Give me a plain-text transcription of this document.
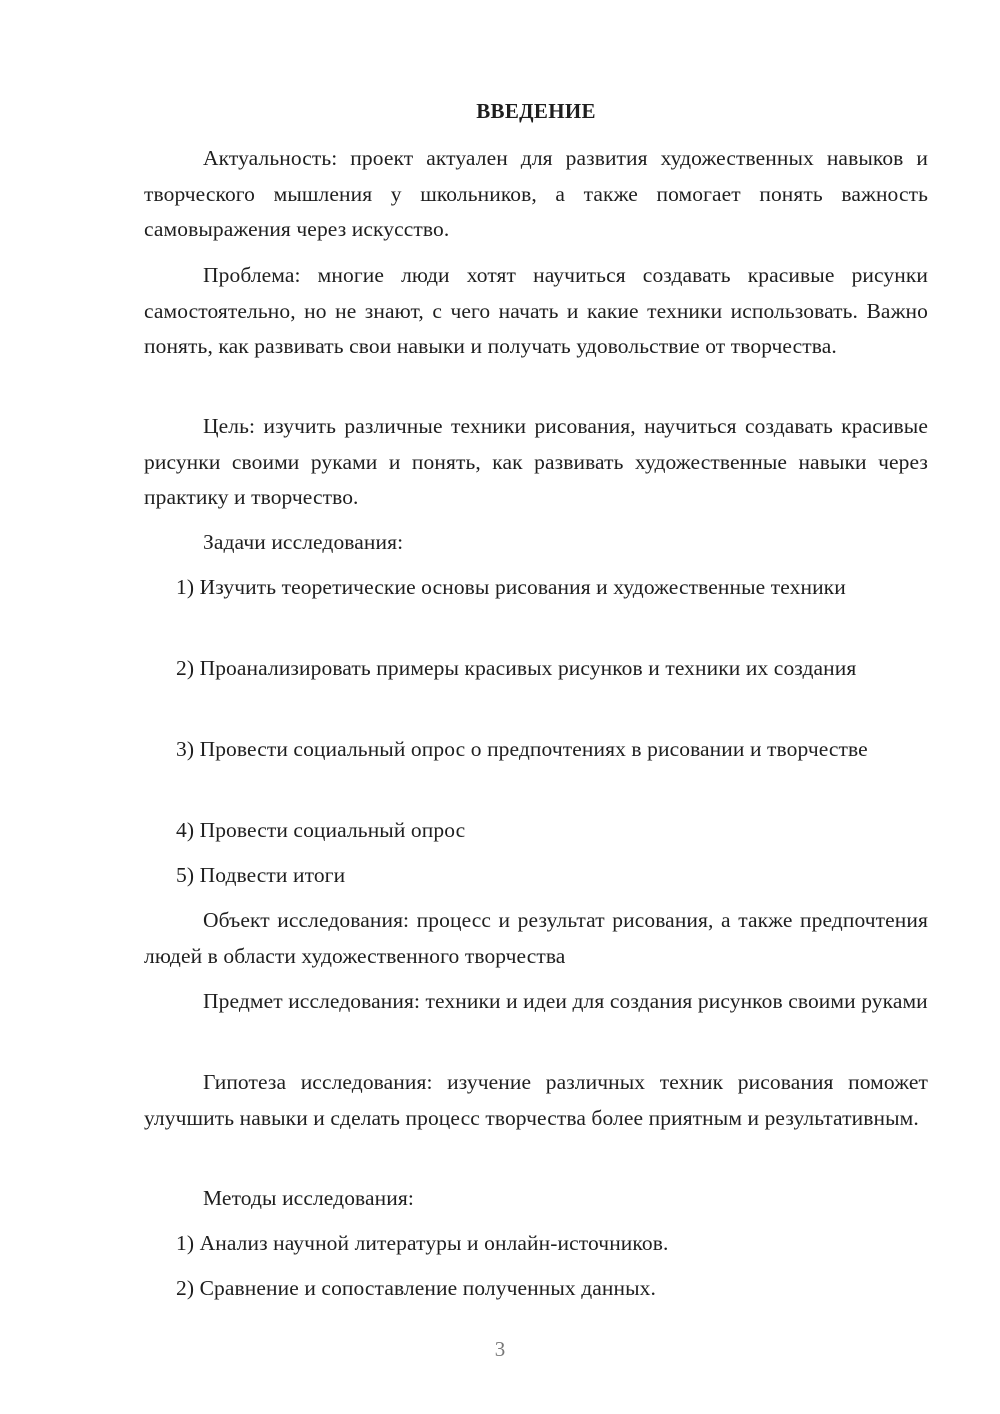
ВВЕДЕНИЕ

Актуальность: проект актуален для развития художественных навыков и творческого мышления у школьников, а также помогает понять важность самовыражения через искусство.

Проблема: многие люди хотят научиться создавать красивые рисунки самостоятельно, но не знают, с чего начать и какие техники использовать. Важно понять, как развивать свои навыки и получать удовольствие от творчества.

Цель: изучить различные техники рисования, научиться создавать красивые рисунки своими руками и понять, как развивать художественные навыки через практику и творчество.

Задачи исследования:

1) Изучить теоретические основы рисования и художественные техники

2) Проанализировать примеры красивых рисунков и техники их создания

3) Провести социальный опрос о предпочтениях в рисовании и творчестве

4) Провести социальный опрос

5) Подвести итоги

Объект исследования: процесс и результат рисования, а также предпочтения людей в области художественного творчества

Предмет исследования: техники и идеи для создания рисунков своими руками

Гипотеза исследования: изучение различных техник рисования поможет улучшить навыки и сделать процесс творчества более приятным и результативным.

Методы исследования:

1) Анализ научной литературы и онлайн-источников.

2) Сравнение и сопоставление полученных данных.

3
